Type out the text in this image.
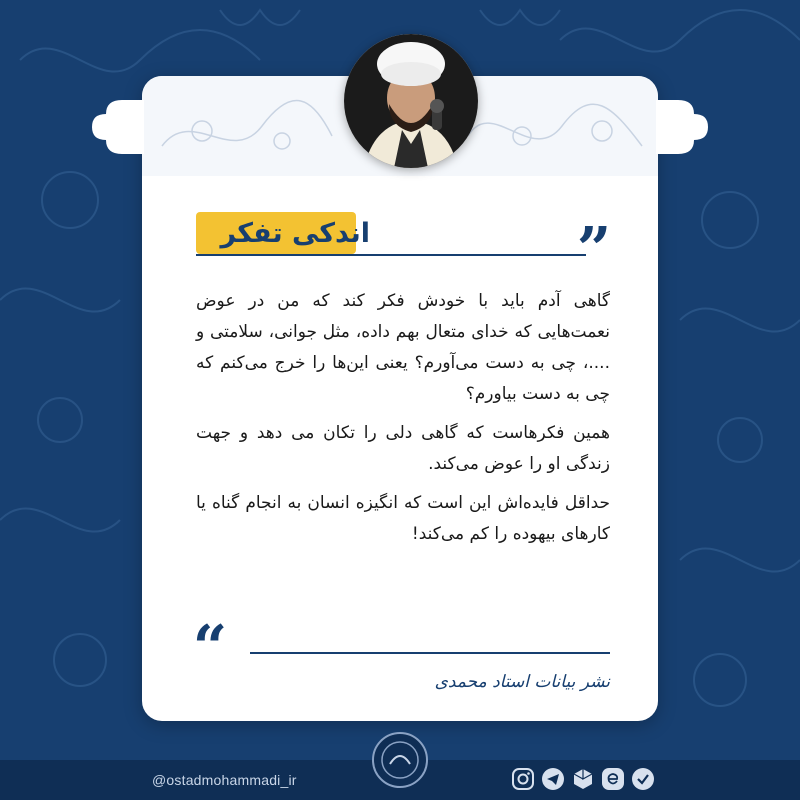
اندکی تفکر	”

گاهی آدم باید با خودش فکر کند که من در عوض نعمت‌هایی که خدای متعال بهم داده، مثل جوانی، سلامتی و ....، چی به دست می‌آورم؟ یعنی این‌ها را خرج می‌کنم که چی به دست بیاورم؟

همین فکرهاست که گاهی دلی را تکان می دهد و جهت زندگی او را عوض می‌کند.

حداقل فایده‌اش این است که انگیزه انسان به انجام گناه یا کارهای بیهوده را کم می‌کند!

“	نشر بیانات استاد محمدی
@ostadmohammadi_ir
